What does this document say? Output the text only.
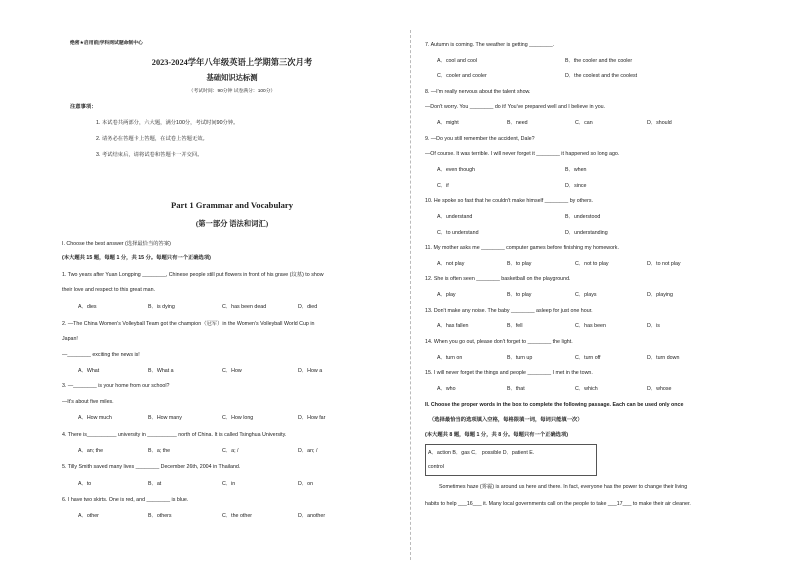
绝密★启用前|学科网试题命制中心
2023-2024学年八年级英语上学期第三次月考
基础知识达标测
（考试时间：90分钟 试卷满分：100分）
注意事项：
1. 本试卷共两部分，六大题，满分100分，考试时间90分钟。
2. 请务必在答题卡上答题，在试卷上答题无效。
3. 考试结束后，请将试卷和答题卡一并交回。
Part 1 Grammar and Vocabulary
(第一部分 语法和词汇)
I. Choose the best answer (选择最恰当的答案)
(本大题共 15 题，每题 1 分，共 15 分。每题只有一个正确选项)
1. Two years after Yuan Longping ________, Chinese people still put flowers in front of his grave (坟墓) to show
their love and respect to this great man.
A．dies	B．is dying	C．has been dead	D．died
2. —The China Women's Volleyball Team got the champion（冠军）in the Women's Volleyball World Cup in
Japan!
—________ exciting the news is!
A．What	B．What a	C．How	D．How a
3. —________ is your home from our school?
—It's about five miles.
A．How much	B．How many	C．How long	D．How far
4. There is__________ university in __________ north of China. It is called Tsinghua University.
A．an; the	B．a; the	C．a; /	D．an; /
5. Tilly Smith saved many lives ________ December 26th, 2004 in Thailand.
A．to	B．at	C．in	D．on
6. I have two skirts. One is red, and ________ is blue.
A．other	B．others	C．the other	D．another
7. Autumn is coming. The weather is getting ________.
A．cool and cool	B．the cooler and the cooler
C．cooler and cooler	D．the coolest and the coolest
8. —I'm really nervous about the talent show.
—Don't worry. You ________ do it! You've prepared well and I believe in you.
A．might	B．need	C．can	D．should
9. —Do you still remember the accident, Dale?
—Of course. It was terrible. I will never forget it ________ it happened so long ago.
A．even though	B．when
C．if	D．since
10. He spoke so fast that he couldn't make himself ________ by others.
A．understand	B．understood
C．to understand	D．understanding
11. My mother asks me ________ computer games before finishing my homework.
A．not play	B．to play	C．not to play	D．to not play
12. She is often seen ________ basketball on the playground.
A．play	B．to play	C．plays	D．playing
13. Don't make any noise. The baby ________ asleep for just one hour.
A．has fallen	B．fell	C．has been	D．is
14. When you go out, please don't forget to ________ the light.
A．turn on	B．turn up	C．turn off	D．turn down
15. I will never forget the things and people ________ I met in the town.
A．who	B．that	C．which	D．whose
II. Choose the proper words in the box to complete the following passage. Each can be used only once
（选择最恰当的选项填入空格，每格限填一词，每词只能填一次）
(本大题共 8 题，每题 1 分，共 8 分。每题只有一个正确选项)
A．action B．gas C． possible D．patient E.
control
Sometimes haze (雾霾) is around us here and there. In fact, everyone has the power to change their living
habits to help ___16___ it. Many local governments call on the people to take ___17___ to make their air cleaner.
